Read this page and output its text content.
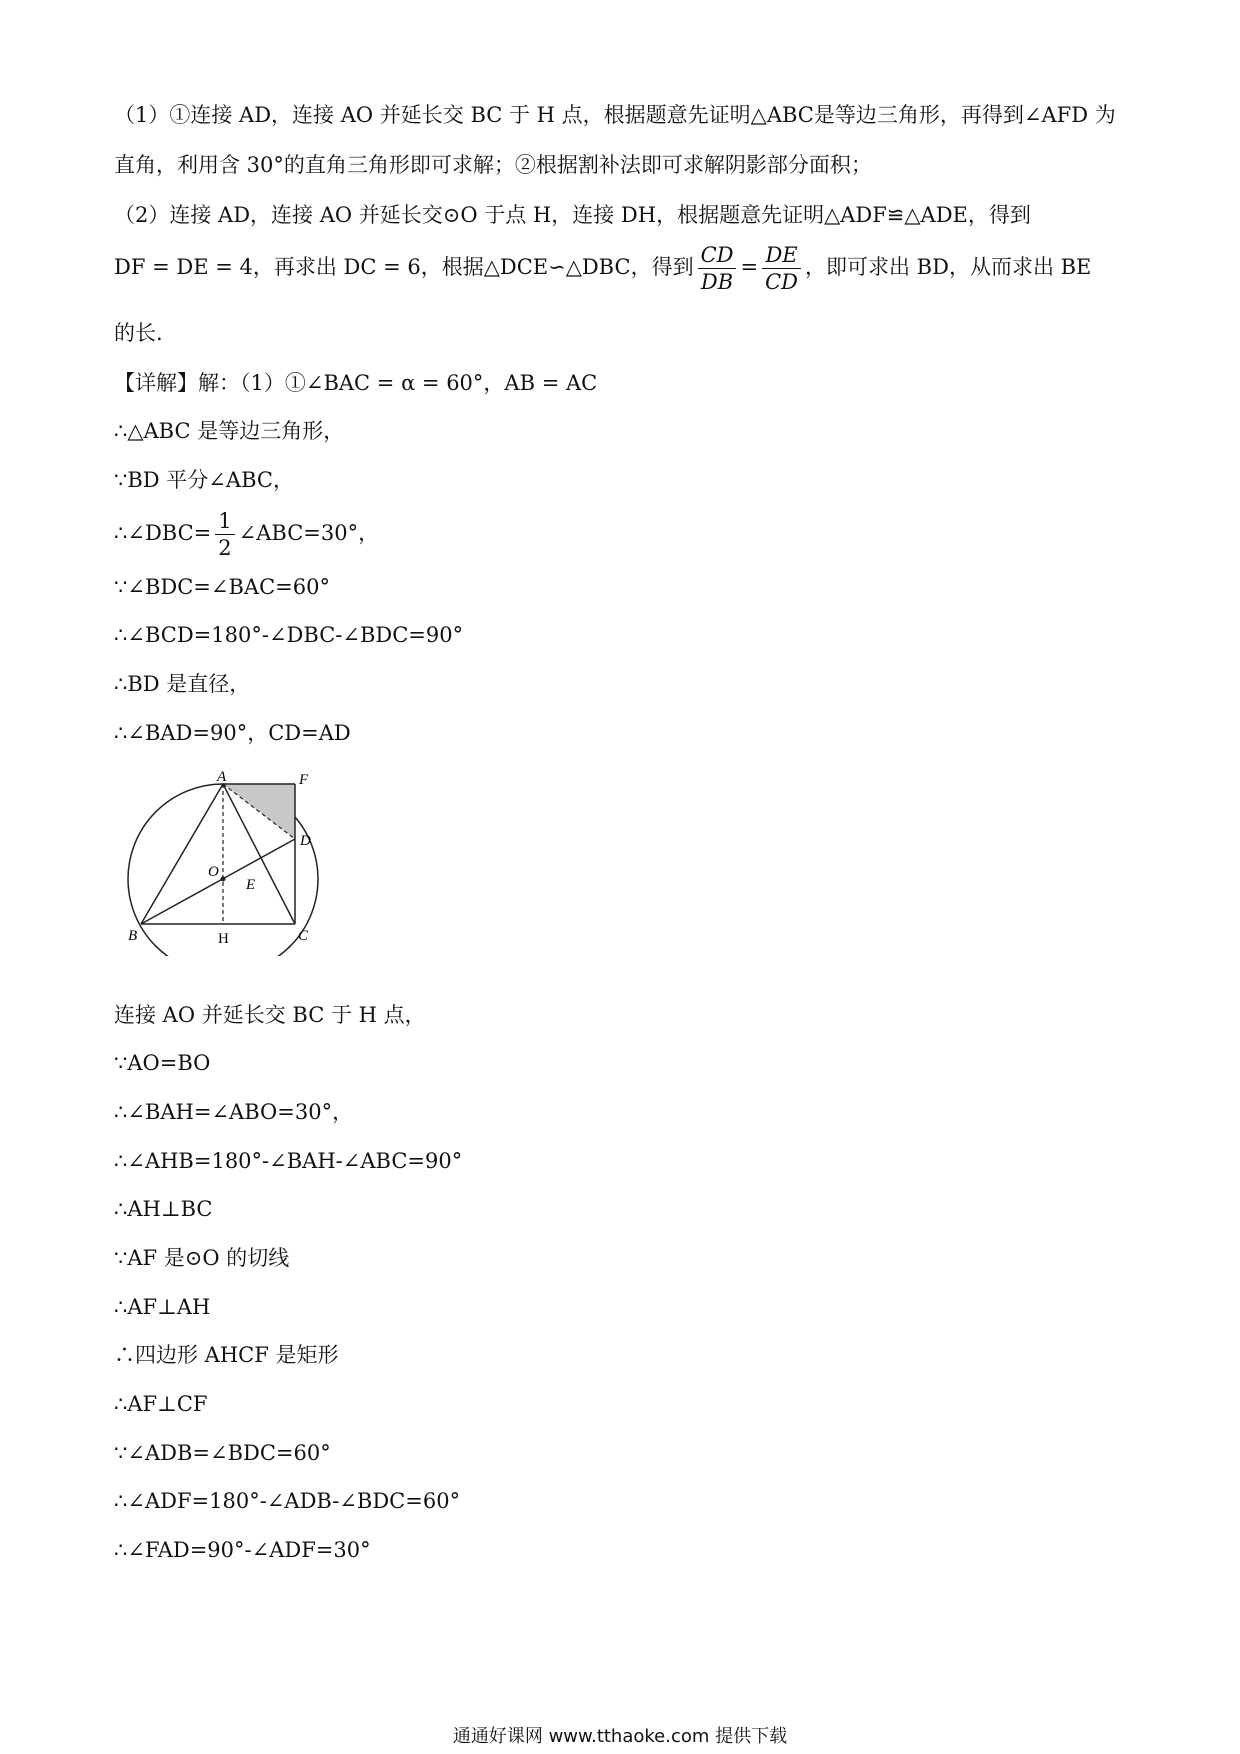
（1）①连接 AD，连接 AO 并延长交 BC 于 H 点，根据题意先证明△ABC是等边三角形，再得到∠AFD 为
直角，利用含 30°的直角三角形即可求解；②根据割补法即可求解阴影部分面积；
（2）连接 AD，连接 AO 并延长交⊙O 于点 H，连接 DH，根据题意先证明△ADF≌△ADE，得到
DF = DE = 4，再求出 DC = 6，根据△DCE∽△DBC，得到 $\frac{CD}{DB} = \frac{DE}{CD}$ ，即可求出 BD，从而求出 BE
的长.
【详解】解：（1）①∠BAC = α = 60°，AB = AC
∴△ABC 是等边三角形，
∵BD 平分∠ABC，
∴∠DBC= $\frac{1}{2}$ ∠ABC=30°，
∵∠BDC=∠BAC=60°
∴∠BCD=180°-∠DBC-∠BDC=90°
∴BD 是直径，
∴∠BAD=90°，CD=AD
A	F
D
O
E
B	H	C
连接 AO 并延长交 BC 于 H 点，
∵AO=BO
∴∠BAH=∠ABO=30°，
∴∠AHB=180°-∠BAH-∠ABC=90°
∴AH⊥BC
∵AF 是⊙O 的切线
∴AF⊥AH
∴四边形 AHCF 是矩形
∴AF⊥CF
∵∠ADB=∠BDC=60°
∴∠ADF=180°-∠ADB-∠BDC=60°
∴∠FAD=90°-∠ADF=30°
通通好课网 www.tthaoke.com 提供下载
